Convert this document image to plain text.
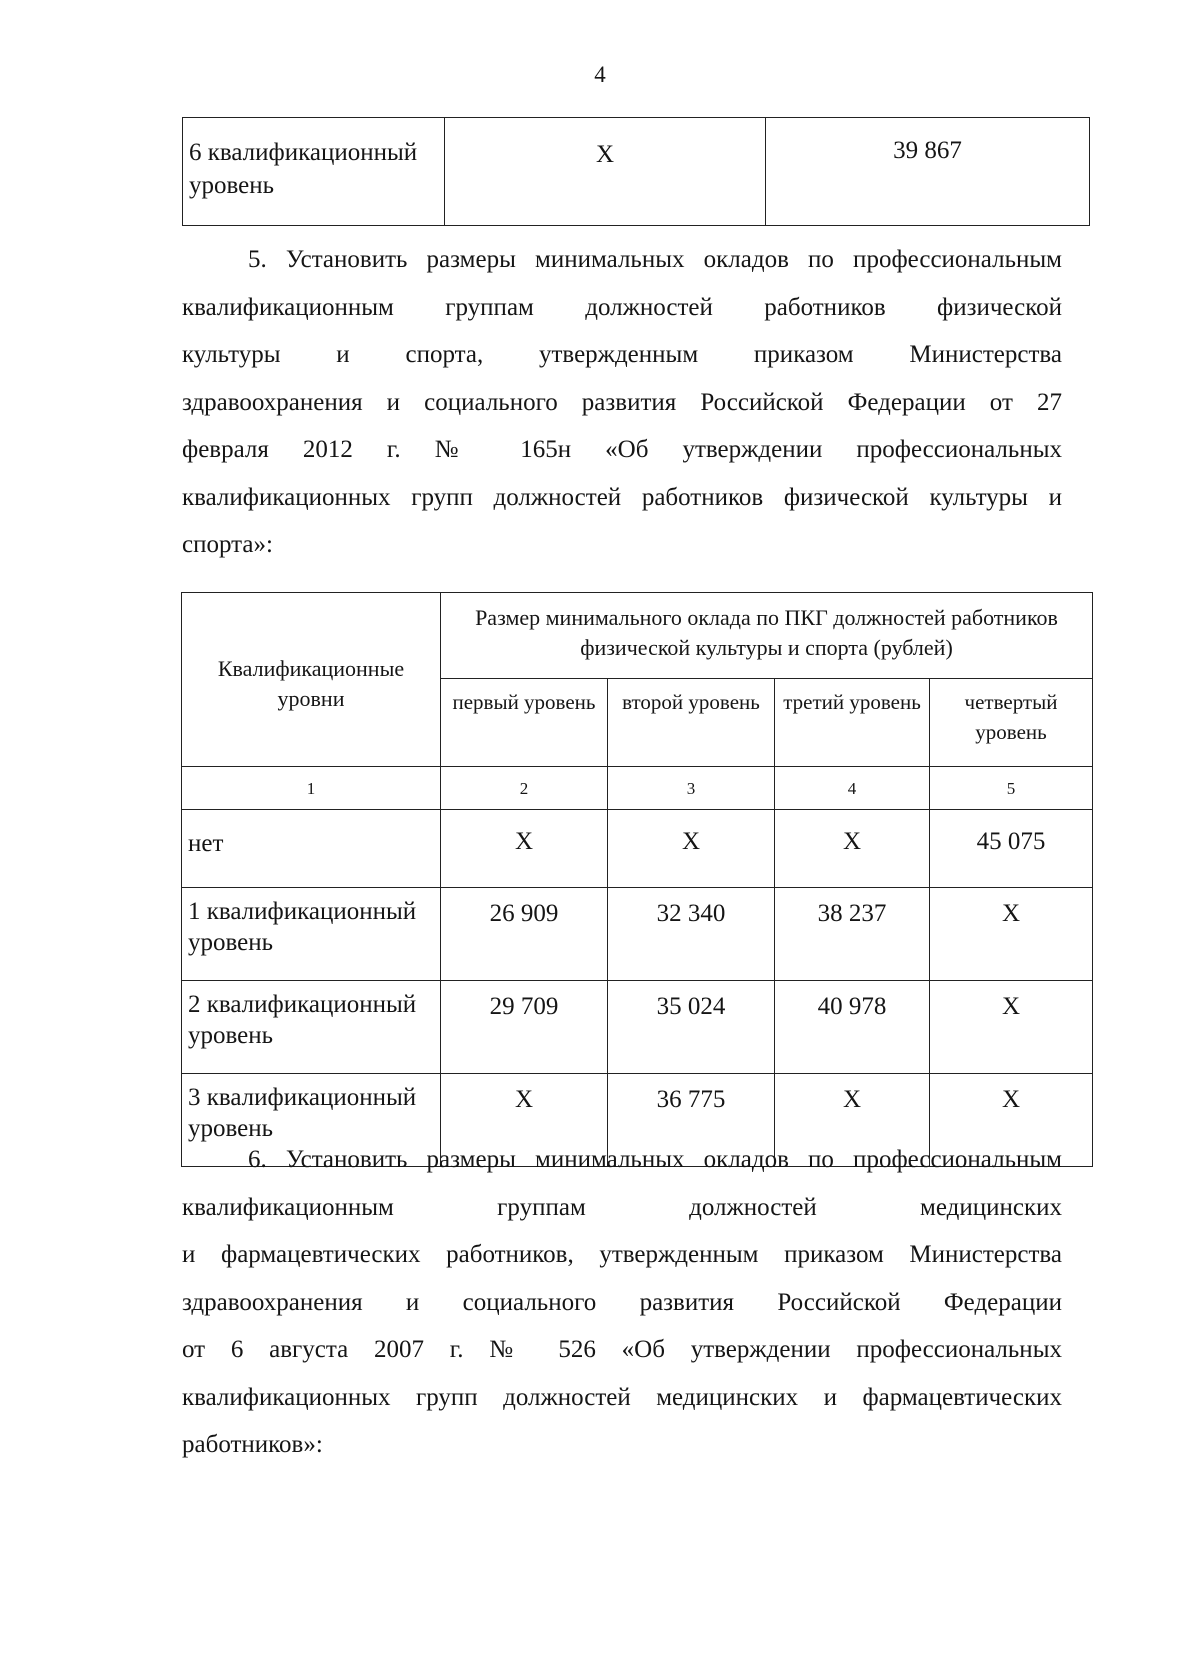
4
6 квалификационный уровень	X	39 867
5. Установить размеры минимальных окладов по профессиональным
квалификационным группам должностей работников физической
культуры и спорта, утвержденным приказом Министерства
здравоохранения и социального развития Российской Федерации от 27
февраля 2012 г. № 165н «Об утверждении профессиональных
квалификационных групп должностей работников физической культуры и
спорта»:
Квалификационные уровни	Размер минимального оклада по ПКГ должностей работников физической культуры и спорта (рублей)			
	первый уровень	второй уровень	третий уровень	четвертый уровень
1	2	3	4	5
нет	X	X	X	45 075
1 квалификационный уровень	26 909	32 340	38 237	X
2 квалификационный уровень	29 709	35 024	40 978	X
3 квалификационный уровень	X	36 775	X	X
6. Установить размеры минимальных окладов по профессиональным
квалификационным группам должностей медицинских
и фармацевтических работников, утвержденным приказом Министерства
здравоохранения и социального развития Российской Федерации
от 6 августа 2007 г. № 526 «Об утверждении профессиональных
квалификационных групп должностей медицинских и фармацевтических
работников»:
